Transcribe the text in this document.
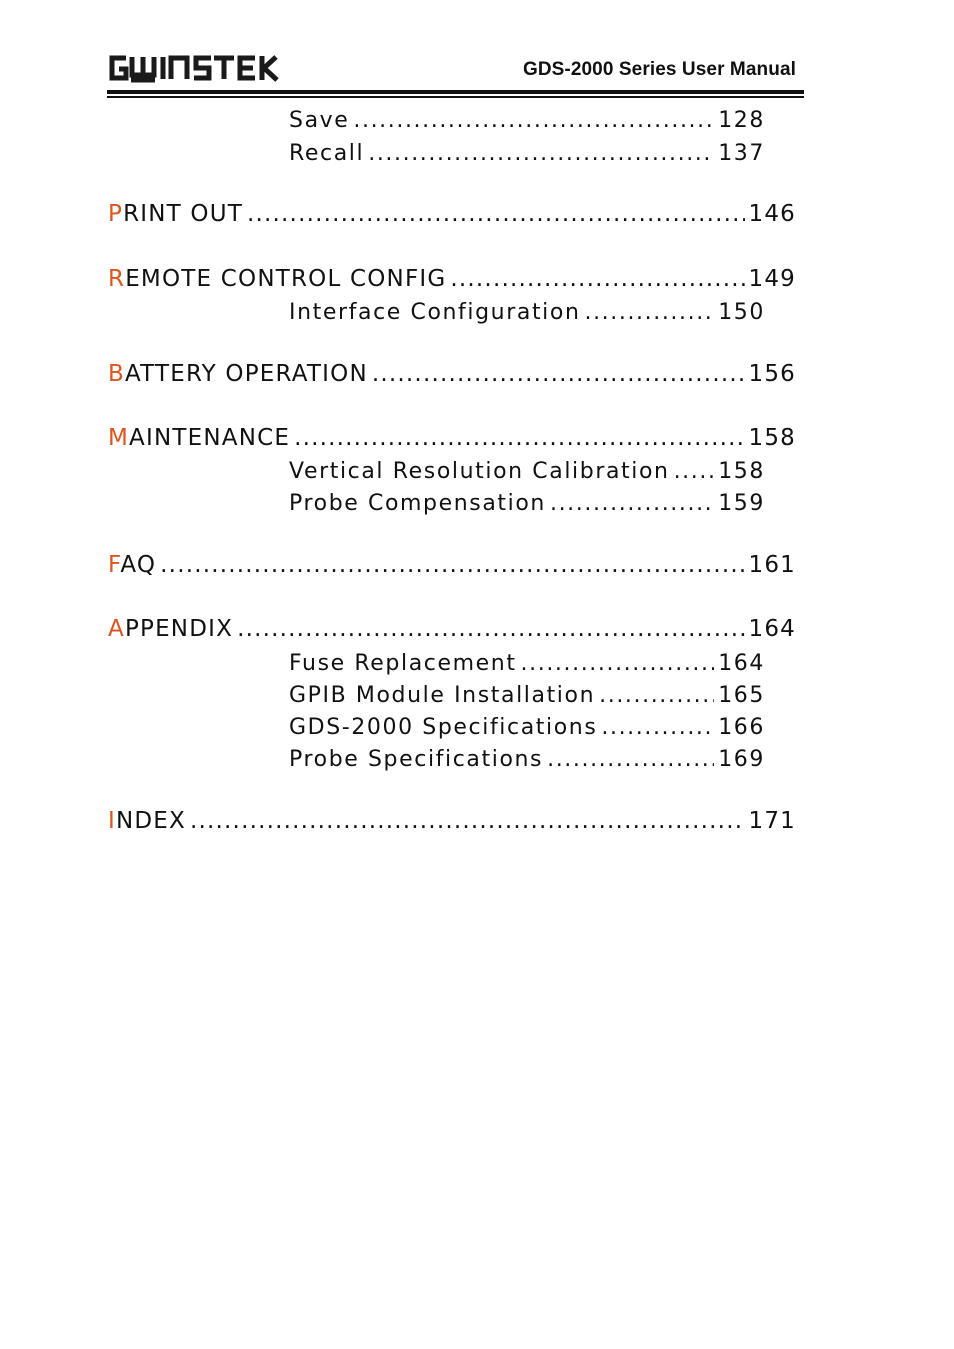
GDS-2000 Series User Manual
Save .....	128
Recall .....	137
PRINT OUT .....	146
REMOTE CONTROL CONFIG .....	149
Interface Configuration .....	150
BATTERY OPERATION .....	156
MAINTENANCE .....	158
Vertical Resolution Calibration ..... 158
Probe Compensation .....	159
FAQ .....	161
APPENDIX .....	164
Fuse Replacement .....	164
GPIB Module Installation .....	165
GDS-2000 Specifications .....	166
Probe Specifications .....	169
INDEX .....	171
